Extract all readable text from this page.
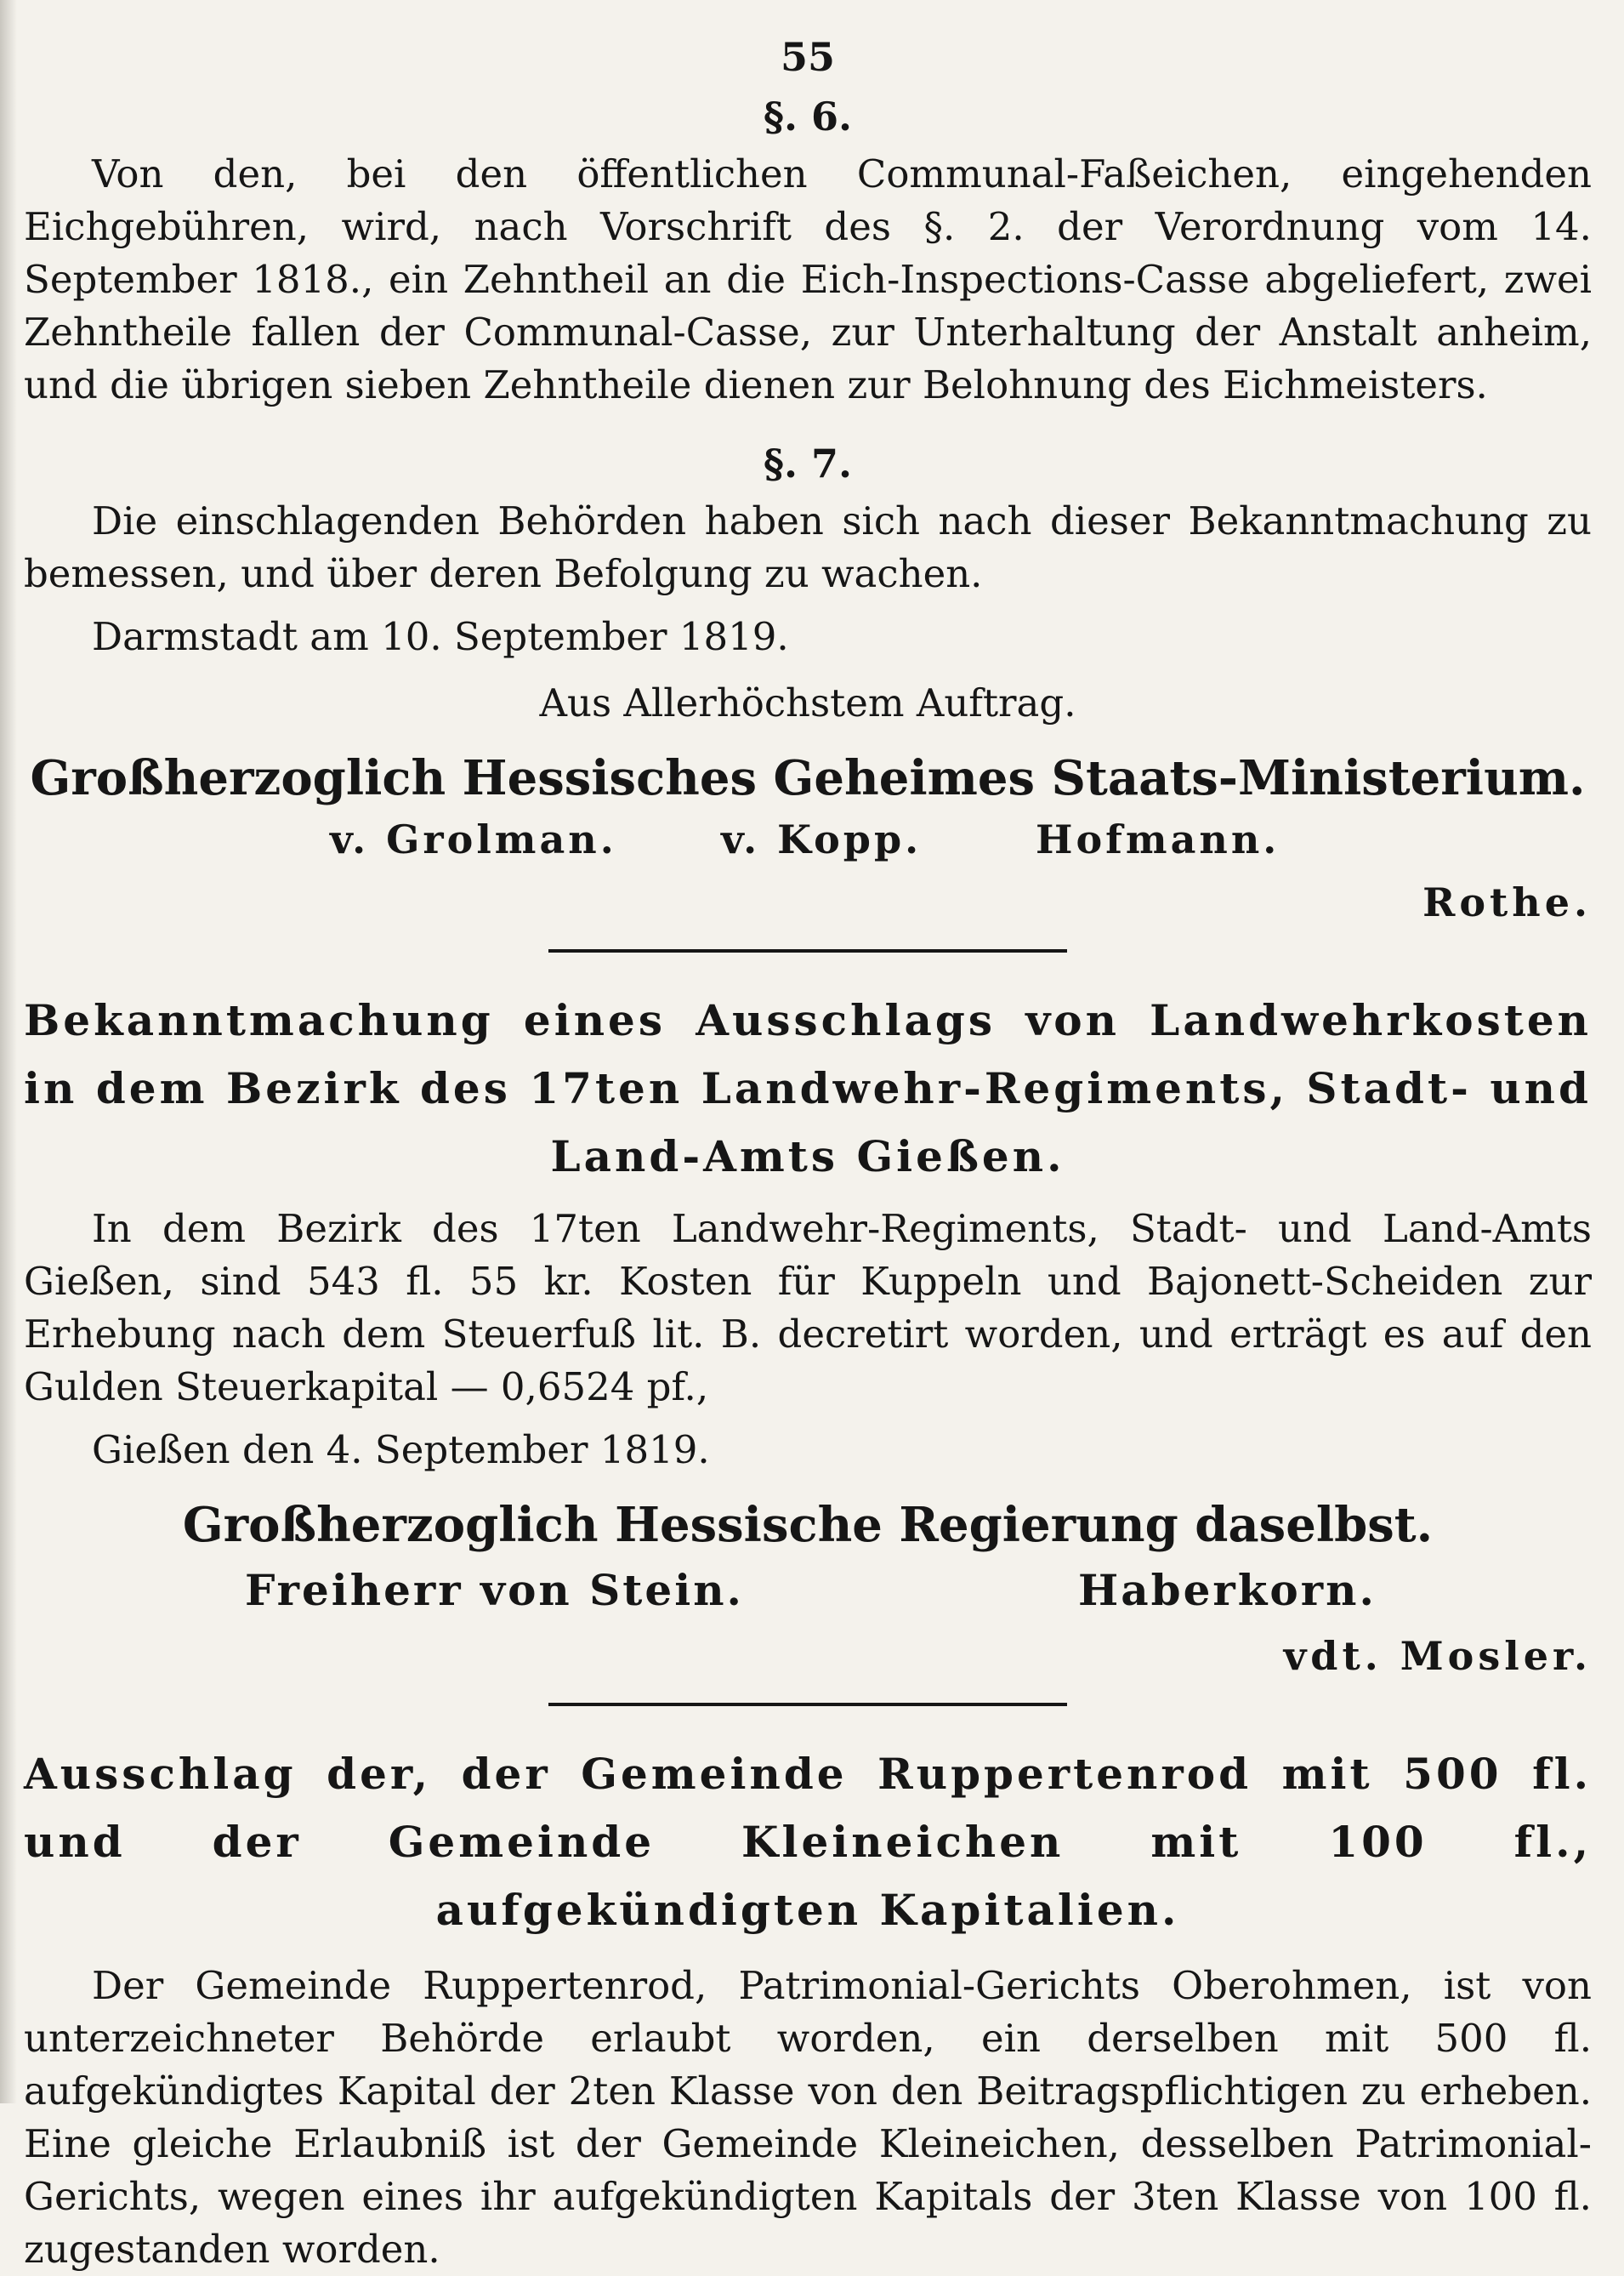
55
§. 6.

Von den, bei den öffentlichen Communal-Faßeichen, eingehenden Eichgebühren, wird, nach Vorschrift des §. 2. der Verordnung vom 14. September 1818., ein Zehntheil an die Eich-Inspections-Casse abgeliefert, zwei Zehntheile fallen der Communal-Casse, zur Unterhaltung der Anstalt anheim, und die übrigen sieben Zehntheile dienen zur Belohnung des Eichmeisters.

§. 7.

Die einschlagenden Behörden haben sich nach dieser Bekanntmachung zu bemessen, und über deren Befolgung zu wachen.

Darmstadt am 10. September 1819.
Aus Allerhöchstem Auftrag.
Großherzoglich Hessisches Geheimes Staats-Ministerium.
v. Grolman.	v. Kopp.	Hofmann.
Rothe.

Bekanntmachung eines Ausschlags von Landwehrkosten in dem Bezirk des 17ten Landwehr-Regiments, Stadt- und Land-Amts Gießen.

In dem Bezirk des 17ten Landwehr-Regiments, Stadt- und Land-Amts Gießen, sind 543 fl. 55 kr. Kosten für Kuppeln und Bajonett-Scheiden zur Erhebung nach dem Steuerfuß lit. B. decretirt worden, und erträgt es auf den Gulden Steuerkapital — 0,6524 pf.,

Gießen den 4. September 1819.
Großherzoglich Hessische Regierung daselbst.
Freiherr von Stein.	Haberkorn.
vdt. Mosler.

Ausschlag der, der Gemeinde Ruppertenrod mit 500 fl. und der Gemeinde Kleineichen mit 100 fl., aufgekündigten Kapitalien.

Der Gemeinde Ruppertenrod, Patrimonial-Gerichts Oberohmen, ist von unterzeichneter Behörde erlaubt worden, ein derselben mit 500 fl. aufgekündigtes Kapital der 2ten Klasse von den Beitragspflichtigen zu erheben. Eine gleiche Erlaubniß ist der Gemeinde Kleineichen, desselben Patrimonial-Gerichts, wegen eines ihr aufgekündigten Kapitals der 3ten Klasse von 100 fl. zugestanden worden.
